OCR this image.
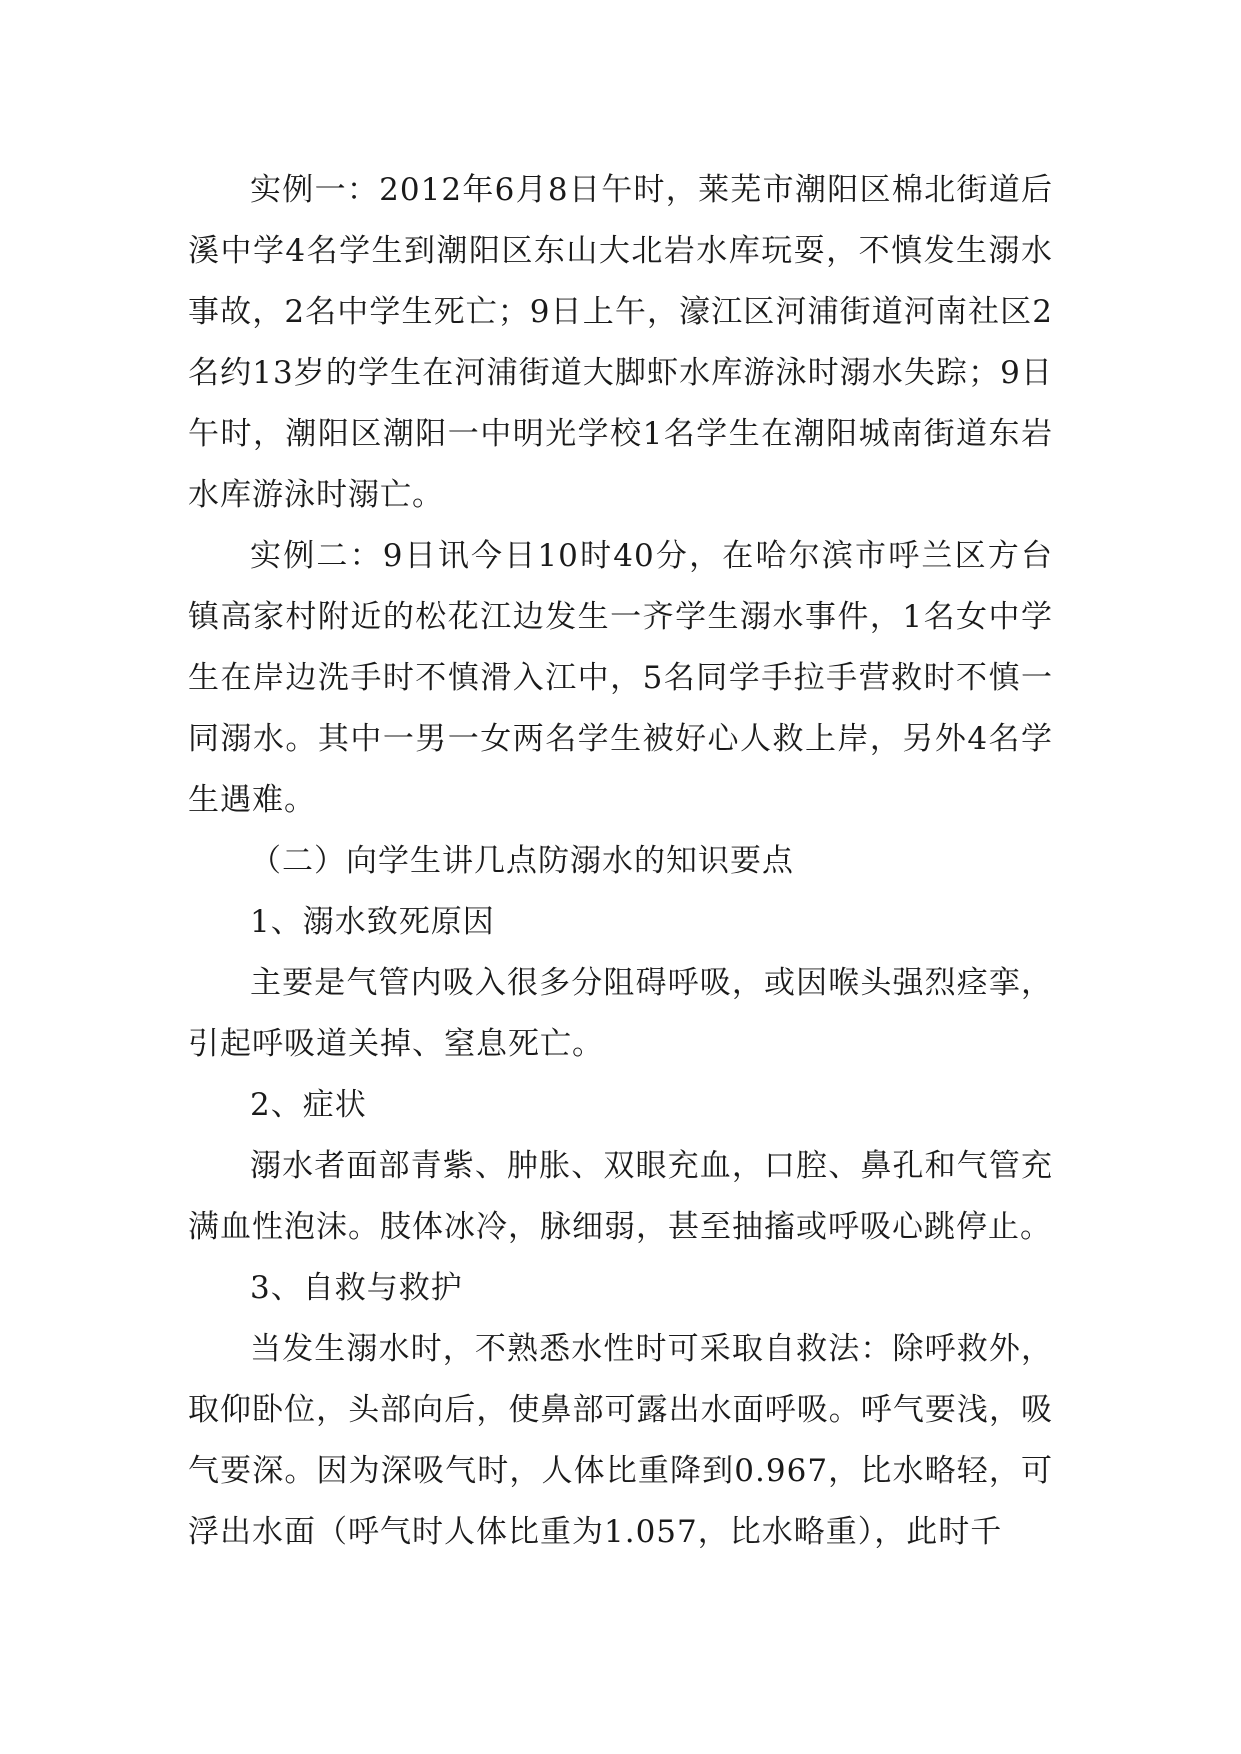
实例一：2012年6月8日午时，莱芜市潮阳区棉北街道后溪中学4名学生到潮阳区东山大北岩水库玩耍，不慎发生溺水事故，2名中学生死亡；9日上午，濠江区河浦街道河南社区2名约13岁的学生在河浦街道大脚虾水库游泳时溺水失踪；9日午时，潮阳区潮阳一中明光学校1名学生在潮阳城南街道东岩水库游泳时溺亡。

实例二：9日讯今日10时40分，在哈尔滨市呼兰区方台镇高家村附近的松花江边发生一齐学生溺水事件，1名女中学生在岸边洗手时不慎滑入江中，5名同学手拉手营救时不慎一同溺水。其中一男一女两名学生被好心人救上岸，另外4名学生遇难。

（二）向学生讲几点防溺水的知识要点

1、溺水致死原因

主要是气管内吸入很多分阻碍呼吸，或因喉头强烈痉挛，引起呼吸道关掉、窒息死亡。

2、症状

溺水者面部青紫、肿胀、双眼充血，口腔、鼻孔和气管充满血性泡沫。肢体冰冷，脉细弱，甚至抽搐或呼吸心跳停止。

3、自救与救护

当发生溺水时，不熟悉水性时可采取自救法：除呼救外，取仰卧位，头部向后，使鼻部可露出水面呼吸。呼气要浅，吸气要深。因为深吸气时，人体比重降到0.967，比水略轻，可浮出水面（呼气时人体比重为1.057，比水略重），此时千
